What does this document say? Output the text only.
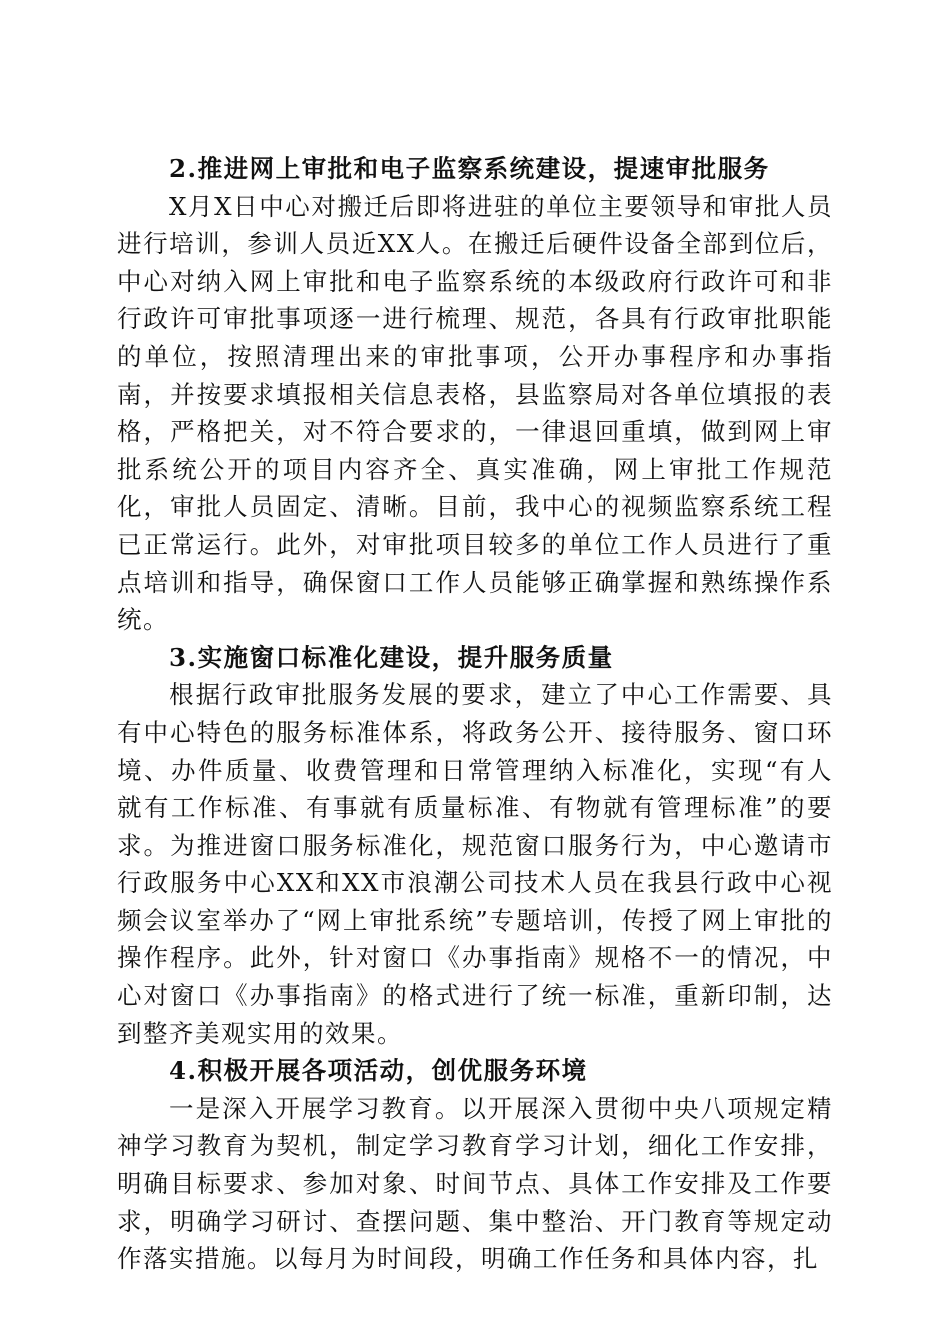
2.推进网上审批和电子监察系统建设，提速审批服务

X月X日中心对搬迁后即将进驻的单位主要领导和审批人员进行培训，参训人员近XX人。在搬迁后硬件设备全部到位后，中心对纳入网上审批和电子监察系统的本级政府行政许可和非行政许可审批事项逐一进行梳理、规范，各具有行政审批职能的单位，按照清理出来的审批事项，公开办事程序和办事指南，并按要求填报相关信息表格，县监察局对各单位填报的表格，严格把关，对不符合要求的，一律退回重填，做到网上审批系统公开的项目内容齐全、真实准确，网上审批工作规范化，审批人员固定、清晰。目前，我中心的视频监察系统工程已正常运行。此外，对审批项目较多的单位工作人员进行了重点培训和指导，确保窗口工作人员能够正确掌握和熟练操作系统。

3.实施窗口标准化建设，提升服务质量

根据行政审批服务发展的要求，建立了中心工作需要、具有中心特色的服务标准体系，将政务公开、接待服务、窗口环境、办件质量、收费管理和日常管理纳入标准化，实现“有人就有工作标准、有事就有质量标准、有物就有管理标准”的要求。为推进窗口服务标准化，规范窗口服务行为，中心邀请市行政服务中心XX和XX市浪潮公司技术人员在我县行政中心视频会议室举办了“网上审批系统”专题培训，传授了网上审批的操作程序。此外，针对窗口《办事指南》规格不一的情况，中心对窗口《办事指南》的格式进行了统一标准，重新印制，达到整齐美观实用的效果。

4.积极开展各项活动，创优服务环境

一是深入开展学习教育。以开展深入贯彻中央八项规定精神学习教育为契机，制定学习教育学习计划，细化工作安排，明确目标要求、参加对象、时间节点、具体工作安排及工作要求，明确学习研讨、查摆问题、集中整治、开门教育等规定动作落实措施。以每月为时间段，明确工作任务和具体内容，扎
